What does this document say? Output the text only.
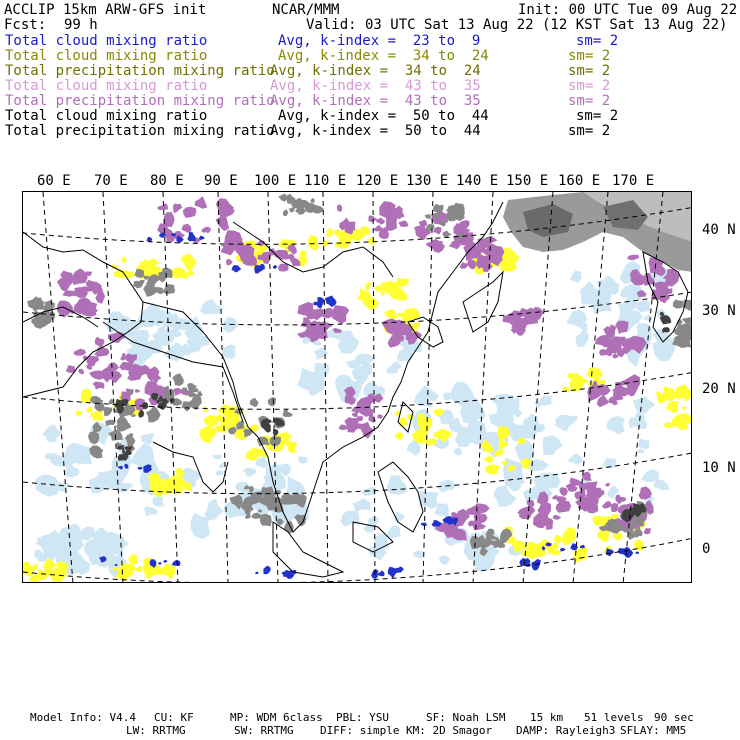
ACCLIP 15km ARW-GFS init	NCAR/MMM	Init: 00 UTC Tue 09 Aug 22
Fcst: 99 h	Valid: 03 UTC Sat 13 Aug 22 (12 KST Sat 13 Aug 22)
Total cloud mixing ratio	Avg, k-index =  23 to  9	sm= 2
Total cloud mixing ratio	Avg, k-index =  34 to  24	sm= 2
Total precipitation mixing ratio
Avg, k-index =  34 to  24	sm= 2
Total cloud mixing ratio	Avg, k-index =  43 to  35	sm= 2
Total precipitation mixing ratio
Avg, k-index =  43 to  35	sm= 2
Total cloud mixing ratio	Avg, k-index =  50 to  44	sm= 2
Total precipitation mixing ratio
Avg, k-index =  50 to  44	sm= 2
60 E 70 E 80 E 90 E 100 E 110 E 120 E 130 E 140 E 150 E 160 E 170 E
40 N
30 N
20 N
10 N
0
Model Info: V4.4 CU: KF	MP: WDM 6class PBL: YSU	SF: Noah LSM 15 km 51 levels 90 sec
LW: RRTMG	SW: RRTMG DIFF: simple KM: 2D Smagor DAMP: Rayleigh3 SFLAY: MM5
